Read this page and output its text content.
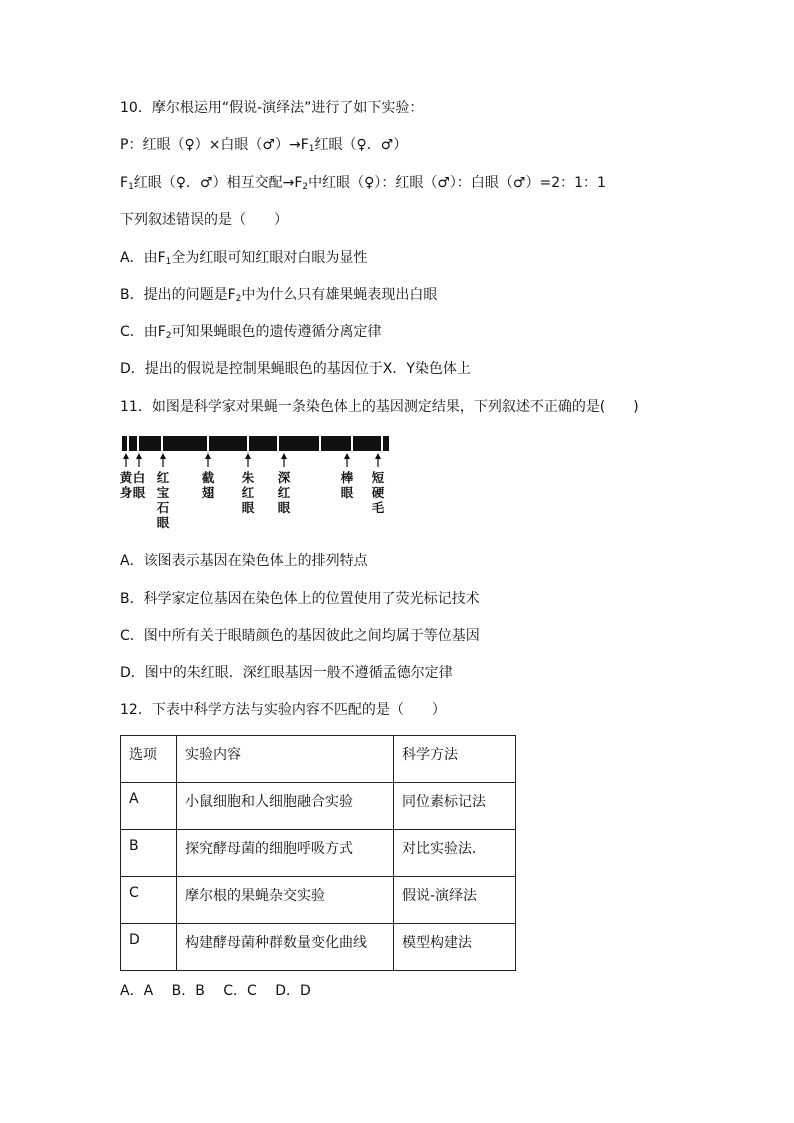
10．摩尔根运用“假说-演绎法”进行了如下实验：
P：红眼（♀）×白眼$(♂)\to F_1$红眼（♀．♂）
$F_1$红眼（♀．♂）相互交配$\to F_2$中红眼（♀）：红眼（♂）：白眼（♂）=2：1：1
下列叙述错误的是（　　）
A．由$F_1$全为红眼可知红眼对白眼为显性
B．提出的问题是$F_2$中为什么只有雄果蝇表现出白眼
C．由$F_2$可知果蝇眼色的遗传遵循分离定律
D．提出的假说是控制果蝇眼色的基因位于X．Y染色体上
11．如图是科学家对果蝇一条染色体上的基因测定结果，下列叙述不正确的是(　　)
黄
身
白
眼
红
宝
石
眼
截
翅
朱
红
眼
深
红
眼
棒
眼
短
硬
毛
A．该图表示基因在染色体上的排列特点
B．科学家定位基因在染色体上的位置使用了荧光标记技术
C．图中所有关于眼睛颜色的基因彼此之间均属于等位基因
D．图中的朱红眼．深红眼基因一般不遵循孟德尔定律
12．下表中科学方法与实验内容不匹配的是（　　）
选项	实验内容	科学方法
A	小鼠细胞和人细胞融合实验	同位素标记法
B	探究酵母菌的细胞呼吸方式	对比实验法．
C	摩尔根的果蝇杂交实验	假说-演绎法
D	构建酵母菌种群数量变化曲线	模型构建法
A．A　 B．B　 C．C　 D．D
